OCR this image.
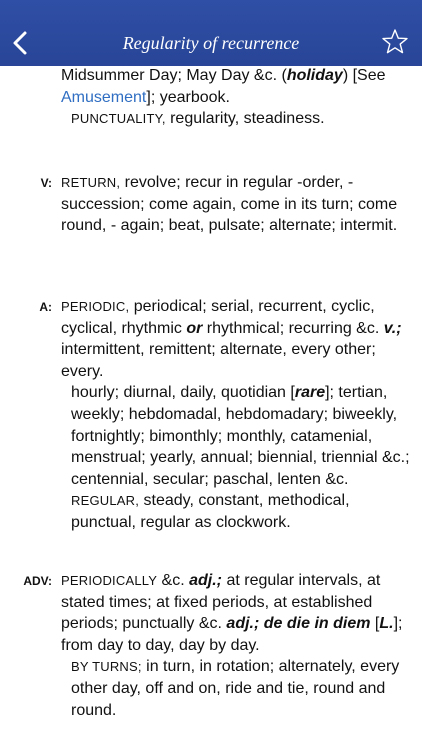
Regularity of recurrence

Midsummer Day; May Day &c. (holiday) [See

Amusement]; yearbook.

PUNCTUALITY, regularity, steadiness.

V: RETURN, revolve; recur in regular -order, - succession; come again, come in its turn; come round, - again; beat, pulsate; alternate; intermit.

A: PERIODIC, periodical; serial, recurrent, cyclic, cyclical, rhythmic or rhythmical; recurring &c. v.; intermittent, remittent; alternate, every other; every.

hourly; diurnal, daily, quotidian [rare]; tertian, weekly; hebdomadal, hebdomadary; biweekly, fortnightly; bimonthly; monthly, catamenial, menstrual; yearly, annual; biennial, triennial &c.; centennial, secular; paschal, lenten &c.

REGULAR, steady, constant, methodical, punctual, regular as clockwork.

ADV: PERIODICALLY &c. adj.; at regular intervals, at stated times; at fixed periods, at established periods; punctually &c. adj.; de die in diem [L.]; from day to day, day by day.

BY TURNS; in turn, in rotation; alternately, every other day, off and on, ride and tie, round and round.
